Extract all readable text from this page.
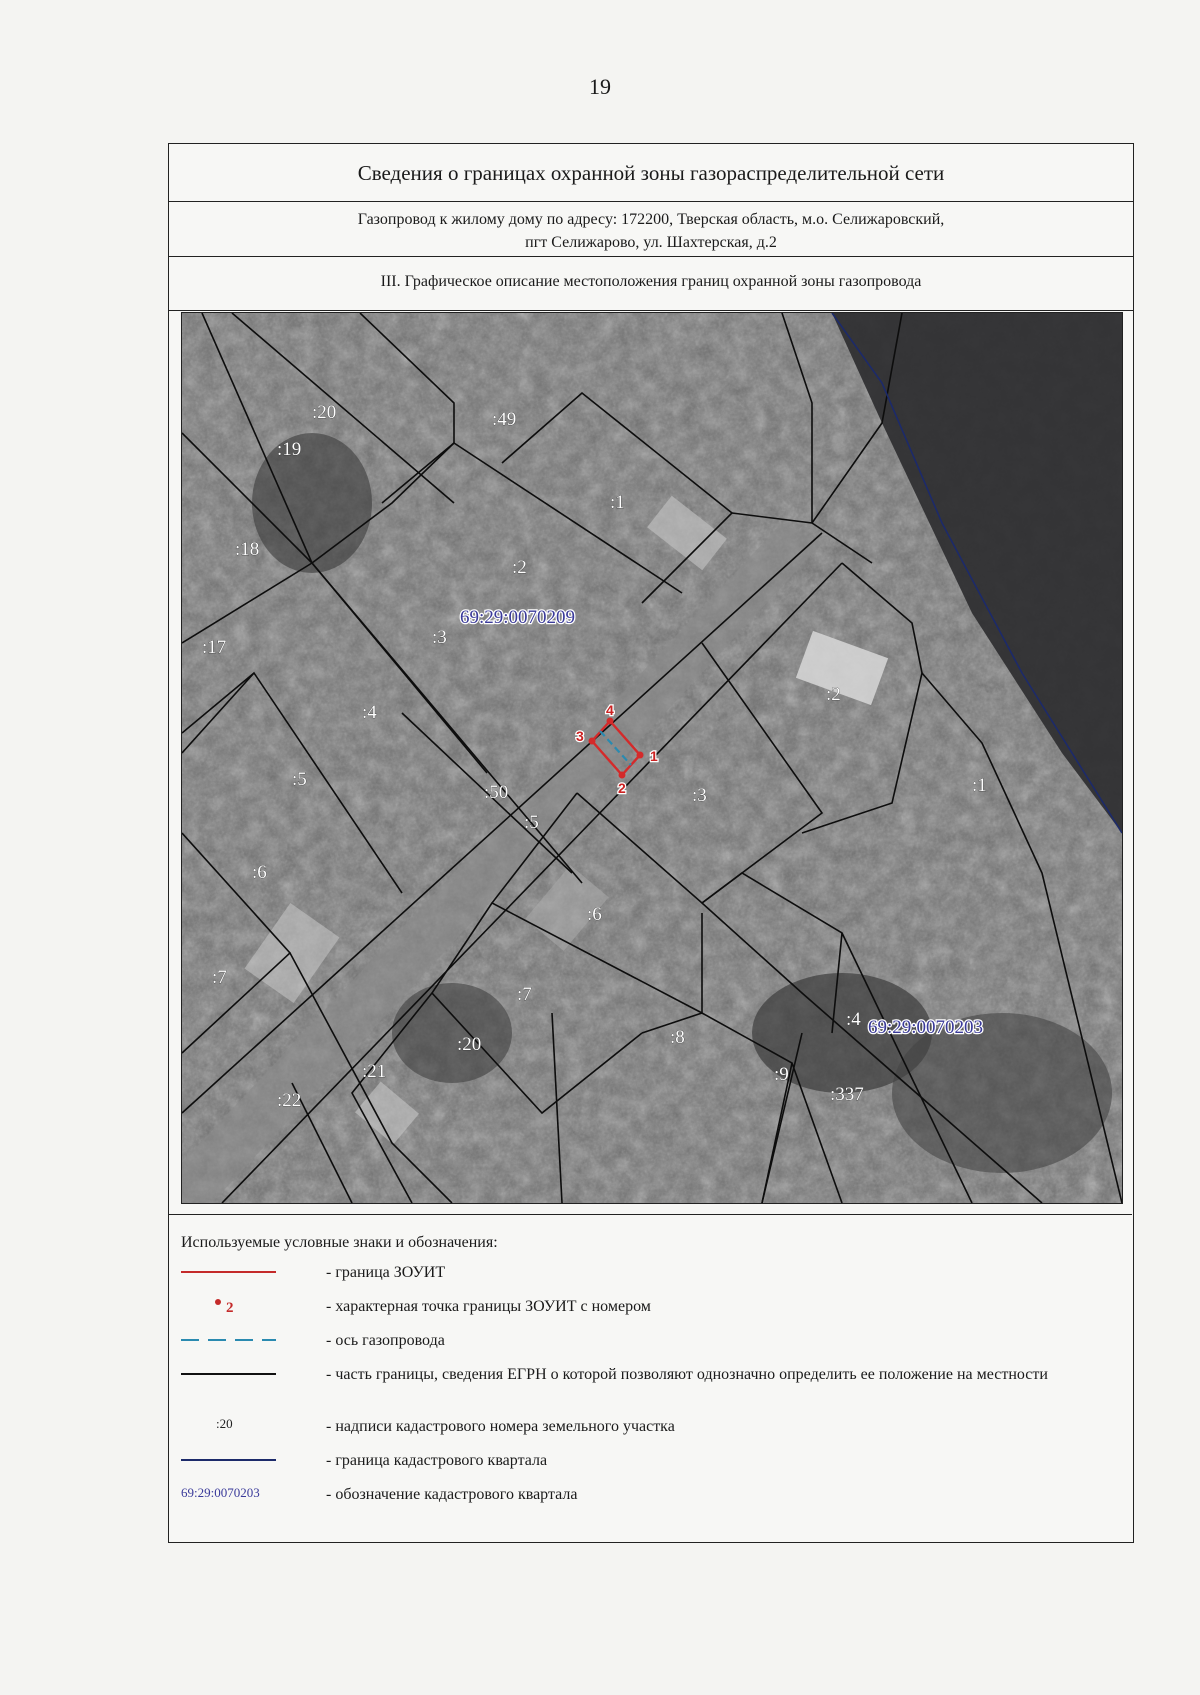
19
Сведения о границах охранной зоны газораспределительной сети
Газопровод к жилому дому по адресу: 172200, Тверская область, м.о. Селижаровский,
пгт Селижарово, ул. Шахтерская, д.2
III. Графическое описание местоположения границ охранной зоны газопровода
1
2
3
4
:20	:49
:19
:1
:18
:2
:17	:3
:4
:2
:1
:50
:5
:3
:5
:6
:6
:7
:7
:20	:8
:4
:21	:9
:337
:22
69:29:0070209
69:29:0070203
Используемые условные знаки и обозначения:
- граница ЗОУИТ
2	- характерная точка границы ЗОУИТ с номером
- ось газопровода
- часть границы, сведения ЕГРН о которой позволяют однозначно определить ее положение на местности
:20	- надписи кадастрового номера земельного участка
- граница кадастрового квартала
69:29:0070203	- обозначение кадастрового квартала
